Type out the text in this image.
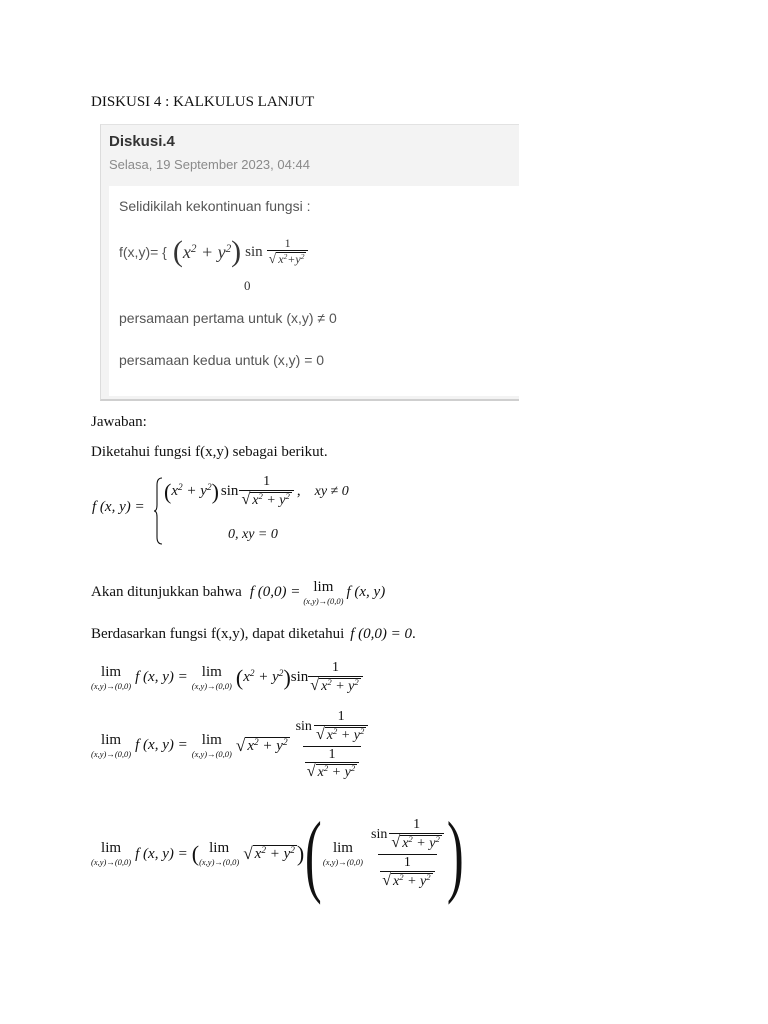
DISKUSI 4 : KALKULUS LANJUT
Diskusi.4
Selasa, 19 September 2023, 04:44
Selidikilah kekontinuan fungsi :
f(x,y)= { ( $x^2 + y^2$ ) $\sin \frac{1}{√ x^2+y^2}$
0
persamaan pertama untuk (x,y) ≠ 0
persamaan kedua untuk (x,y) = 0
Jawaban:
Diketahui fungsi f(x,y) sebagai berikut.
f (x, y) =
( $x^2 + y^2$ ) $\sin \frac{1}{√ x^2 + y^2}$ , xy ≠ 0
0, xy = 0
Akan ditunjukkan bahwa f (0,0) = lim
(x,y)→(0,0)
f (x, y)
Berdasarkan fungsi f(x,y), dapat diketahui f (0,0) = 0 .
lim
(x,y)→(0,0)
f (x, y) = lim
(x,y)→(0,0) ( $x^2 + y^2$ ) $\sin \frac{1}{√ x^2 + y^2}$
lim
(x,y)→(0,0)
f (x, y) = lim
(x,y)→(0,0) √ $x^2 + y^2 \frac{\sin \frac{1}{√ x^2 + y^2}}{\frac{1}{√ x^2 + y^2}}$
lim
(x,y)→(0,0)
f (x, y) = ( lim
(x,y)→(0,0) √ $x^2 + y^2$ ) ( lim
$(x,y)\to(0,0) \frac{\sin \frac{1}{√ x^2 + y^2}}{\frac{1}{√ x^2 + y^2}}$ )
